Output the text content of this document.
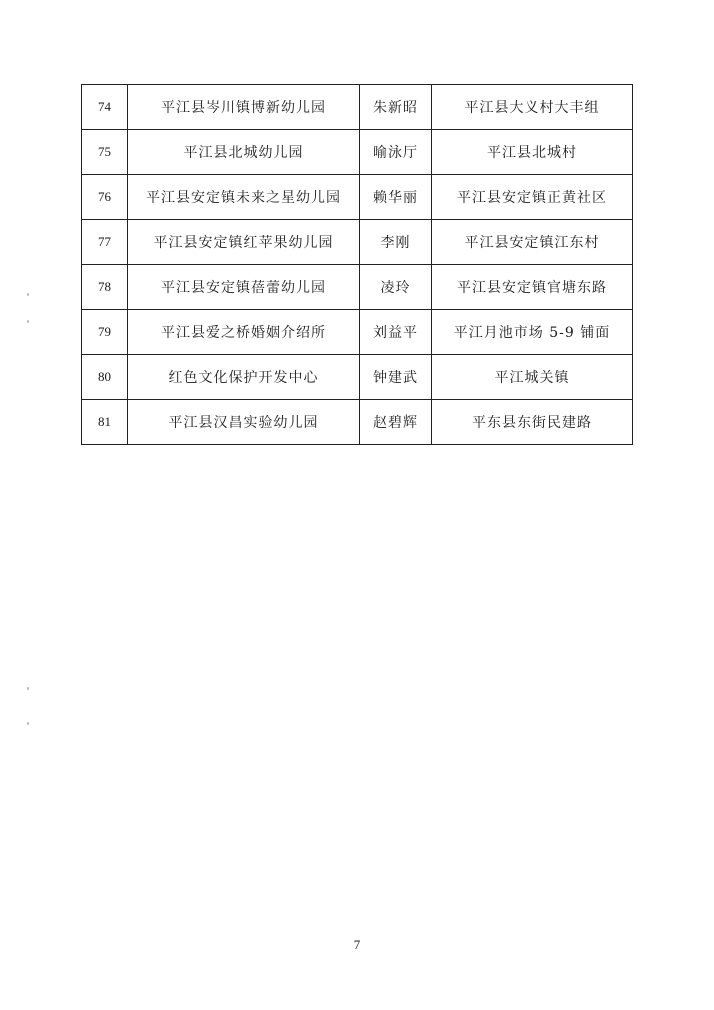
74	平江县岑川镇博新幼儿园	朱新昭	平江县大义村大丰组
75	平江县北城幼儿园	喻泳厅	平江县北城村
76	平江县安定镇未来之星幼儿园	赖华丽	平江县安定镇正黄社区
77	平江县安定镇红苹果幼儿园	李刚	平江县安定镇江东村
78	平江县安定镇蓓蕾幼儿园	凌玲	平江县安定镇官塘东路
79	平江县爱之桥婚姻介绍所	刘益平	平江月池市场 5-9 铺面
80	红色文化保护开发中心	钟建武	平江城关镇
81	平江县汉昌实验幼儿园	赵碧辉	平东县东街民建路
7
